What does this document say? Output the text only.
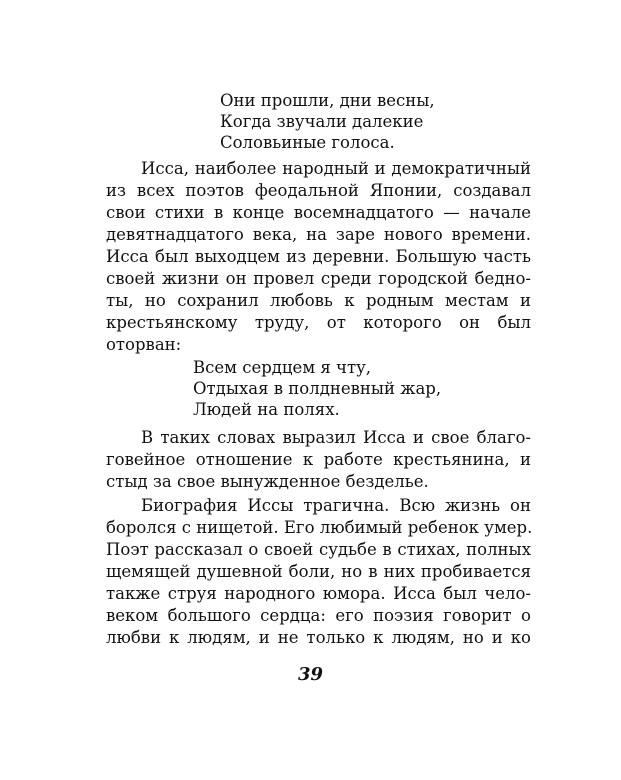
Они прошли, дни весны,
Когда звучали далекие
Соловьиные голоса.
Исса, наиболее народный и демократичный
из всех поэтов феодальной Японии, создавал
свои стихи в конце восемнадцатого — начале
девятнадцатого века, на заре нового времени.
Исса был выходцем из деревни. Большую часть
своей жизни он провел среди городской бедно-
ты, но сохранил любовь к родным местам и
крестьянскому труду, от которого он был
оторван:
Всем сердцем я чту,
Отдыхая в полдневный жар,
Людей на полях.
В таких словах выразил Исса и свое благо-
говейное отношение к работе крестьянина, и
стыд за свое вынужденное безделье.
Биография Иссы трагична. Всю жизнь он
боролся с нищетой. Его любимый ребенок умер.
Поэт рассказал о своей судьбе в стихах, полных
щемящей душевной боли, но в них пробивается
также струя народного юмора. Исса был чело-
веком большого сердца: его поэзия говорит о
любви к людям, и не только к людям, но и ко
39
